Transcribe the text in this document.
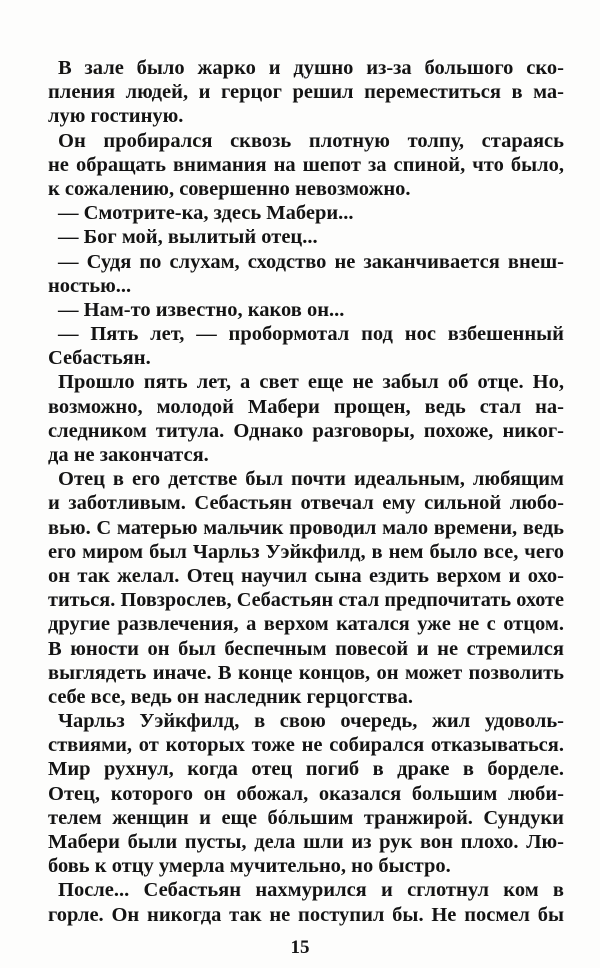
В зале было жарко и душно из-за большого ско-
пления людей, и герцог решил переместиться в ма-
лую гостиную.
Он пробирался сквозь плотную толпу, стараясь
не обращать внимания на шепот за спиной, что было,
к сожалению, совершенно невозможно.
— Смотрите-ка, здесь Мабери...
— Бог мой, вылитый отец...
— Судя по слухам, сходство не заканчивается внеш-
ностью...
— Нам-то известно, каков он...
— Пять лет, — пробормотал под нос взбешенный
Себастьян.
Прошло пять лет, а свет еще не забыл об отце. Но,
возможно, молодой Мабери прощен, ведь стал на-
следником титула. Однако разговоры, похоже, никог-
да не закончатся.
Отец в его детстве был почти идеальным, любящим
и заботливым. Себастьян отвечал ему сильной любо-
вью. С матерью мальчик проводил мало времени, ведь
его миром был Чарльз Уэйкфилд, в нем было все, чего
он так желал. Отец научил сына ездить верхом и охо-
титься. Повзрослев, Себастьян стал предпочитать охоте
другие развлечения, а верхом катался уже не с отцом.
В юности он был беспечным повесой и не стремился
выглядеть иначе. В конце концов, он может позволить
себе все, ведь он наследник герцогства.
Чарльз Уэйкфилд, в свою очередь, жил удоволь-
ствиями, от которых тоже не собирался отказываться.
Мир рухнул, когда отец погиб в драке в борделе.
Отец, которого он обожал, оказался большим люби-
телем женщин и еще бóльшим транжирой. Сундуки
Мабери были пусты, дела шли из рук вон плохо. Лю-
бовь к отцу умерла мучительно, но быстро.
После... Себастьян нахмурился и сглотнул ком в
горле. Он никогда так не поступил бы. Не посмел бы
15
